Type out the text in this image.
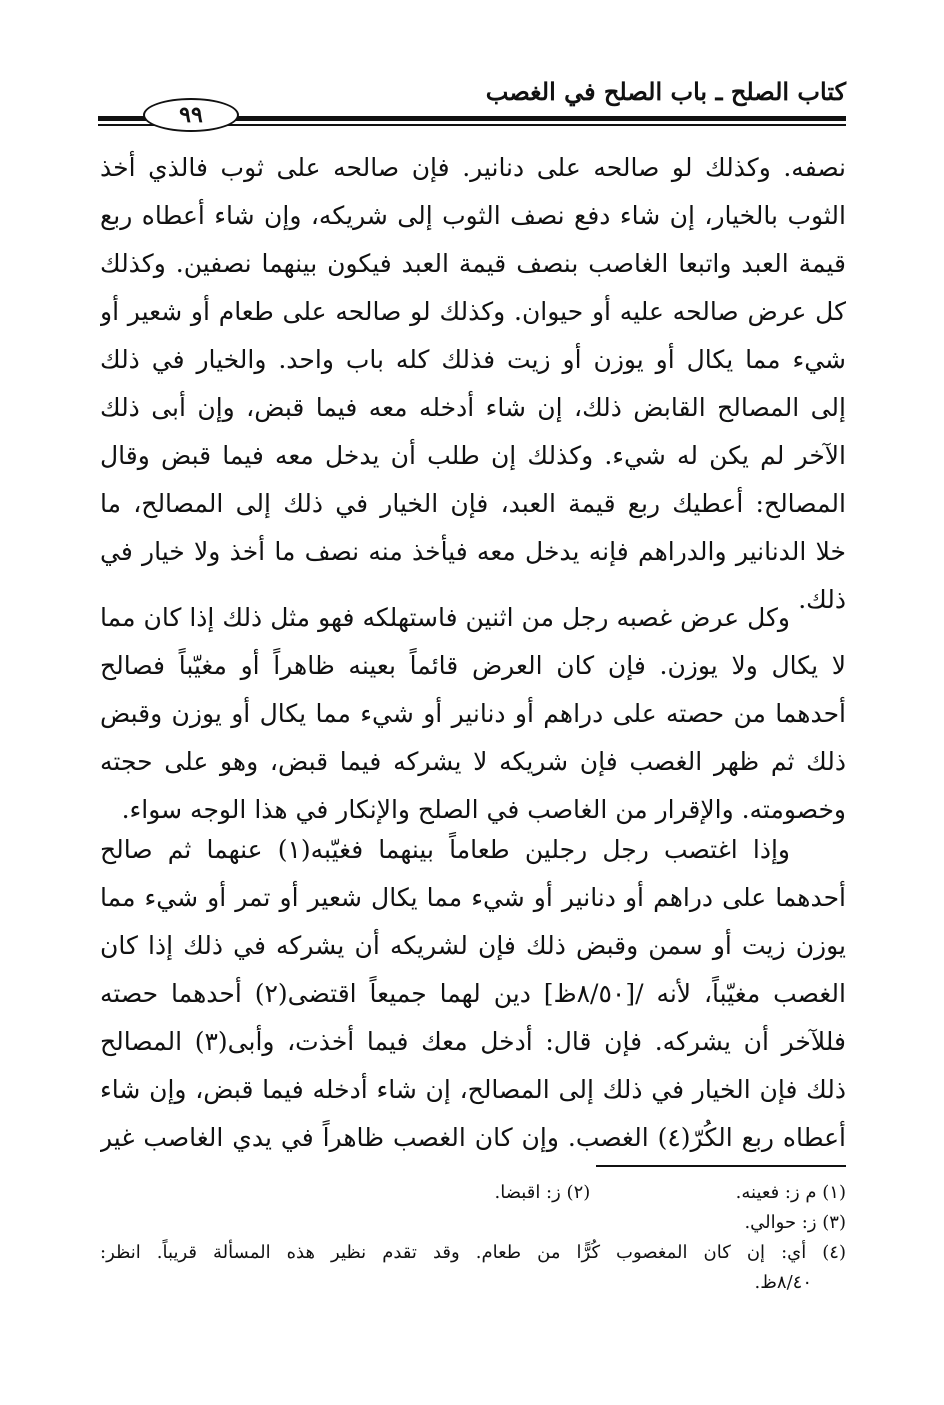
كتاب الصلح ـ باب الصلح في الغصب
٩٩
نصفه. وكذلك لو صالحه على دنانير. فإن صالحه على ثوب فالذي أخذ
الثوب بالخيار، إن شاء دفع نصف الثوب إلى شريكه، وإن شاء أعطاه ربع
قيمة العبد واتبعا الغاصب بنصف قيمة العبد فيكون بينهما نصفين. وكذلك
كل عرض صالحه عليه أو حيوان. وكذلك لو صالحه على طعام أو شعير أو
شيء مما يكال أو يوزن أو زيت فذلك كله باب واحد. والخيار في ذلك
إلى المصالح القابض ذلك، إن شاء أدخله معه فيما قبض، وإن أبى ذلك
الآخر لم يكن له شيء. وكذلك إن طلب أن يدخل معه فيما قبض وقال
المصالح: أعطيك ربع قيمة العبد، فإن الخيار في ذلك إلى المصالح، ما
خلا الدنانير والدراهم فإنه يدخل معه فيأخذ منه نصف ما أخذ ولا خيار في
ذلك.
وكل عرض غصبه رجل من اثنين فاستهلكه فهو مثل ذلك إذا كان مما
لا يكال ولا يوزن. فإن كان العرض قائماً بعينه ظاهراً أو مغيّباً فصالح
أحدهما من حصته على دراهم أو دنانير أو شيء مما يكال أو يوزن وقبض
ذلك ثم ظهر الغصب فإن شريكه لا يشركه فيما قبض، وهو على حجته
وخصومته. والإقرار من الغاصب في الصلح والإنكار في هذا الوجه سواء.
وإذا اغتصب رجل رجلين طعاماً بينهما فغيّبه(١) عنهما ثم صالح
أحدهما على دراهم أو دنانير أو شيء مما يكال شعير أو تمر أو شيء مما
يوزن زيت أو سمن وقبض ذلك فإن لشريكه أن يشركه في ذلك إذا كان
الغصب مغيّباً، لأنه /[٨/٥٠ظ] دين لهما جميعاً اقتضى(٢) أحدهما حصته
فللآخر أن يشركه. فإن قال: أدخل معك فيما أخذت، وأبى(٣) المصالح
ذلك فإن الخيار في ذلك إلى المصالح، إن شاء أدخله فيما قبض، وإن شاء
أعطاه ربع الكُرّ(٤) الغصب. وإن كان الغصب ظاهراً في يدي الغاصب غير
(١) م ز: فعينه. (٢) ز: اقبضا.
(٣) ز: حوالي.
(٤) أي: إن كان المغصوب كُرًّا من طعام. وقد تقدم نظير هذه المسألة قريباً. انظر:
٨/٤٠ظ.
